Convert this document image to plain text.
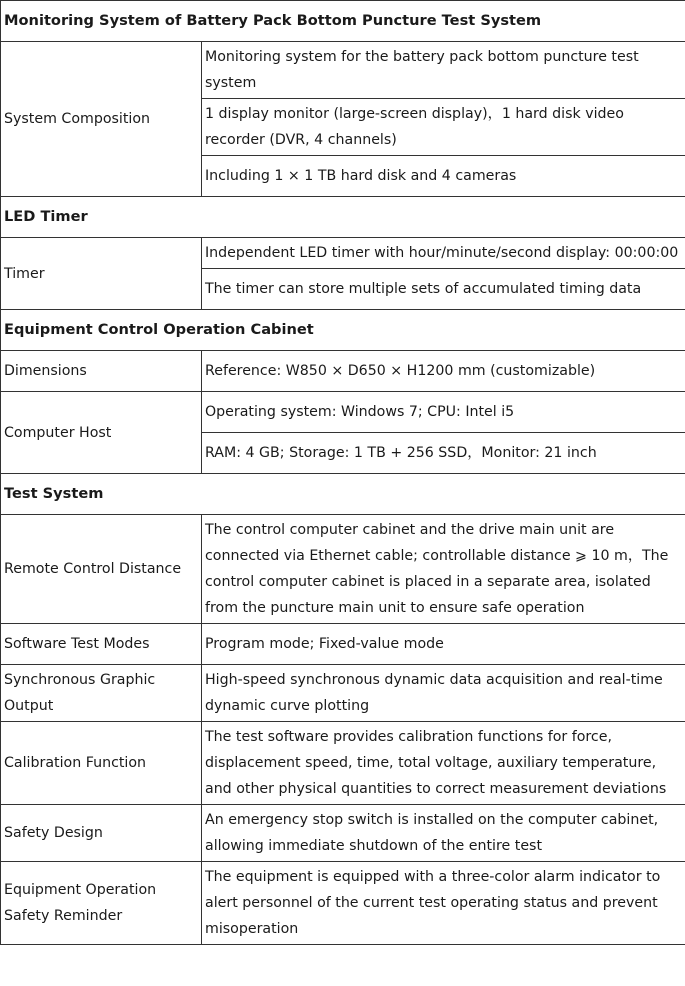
Monitoring System of Battery Pack Bottom Puncture Test System	
System Composition	Monitoring system for the battery pack bottom puncture test system
	1 display monitor (large-screen display)，1 hard disk video recorder (DVR, 4 channels)
	Including 1 × 1 TB hard disk and 4 cameras
LED Timer	
Timer	Independent LED timer with hour/minute/second display: 00:00:00
	The timer can store multiple sets of accumulated timing data
Equipment Control Operation Cabinet	
Dimensions	Reference: W850 × D650 × H1200 mm (customizable)
Computer Host	Operating system: Windows 7; CPU: Intel i5
	RAM: 4 GB; Storage: 1 TB + 256 SSD，Monitor: 21 inch
Test System	
Remote Control Distance	The control computer cabinet and the drive main unit are connected via Ethernet cable; controllable distance ⩾ 10 m，The control computer cabinet is placed in a separate area, isolated from the puncture main unit to ensure safe operation
Software Test Modes	Program mode; Fixed-value mode
Synchronous Graphic Output	High-speed synchronous dynamic data acquisition and real-time dynamic curve plotting
Calibration Function	The test software provides calibration functions for force, displacement speed, time, total voltage, auxiliary temperature, and other physical quantities to correct measurement deviations
Safety Design	An emergency stop switch is installed on the computer cabinet, allowing immediate shutdown of the entire test
Equipment Operation Safety Reminder	The equipment is equipped with a three-color alarm indicator to alert personnel of the current test operating status and prevent misoperation
